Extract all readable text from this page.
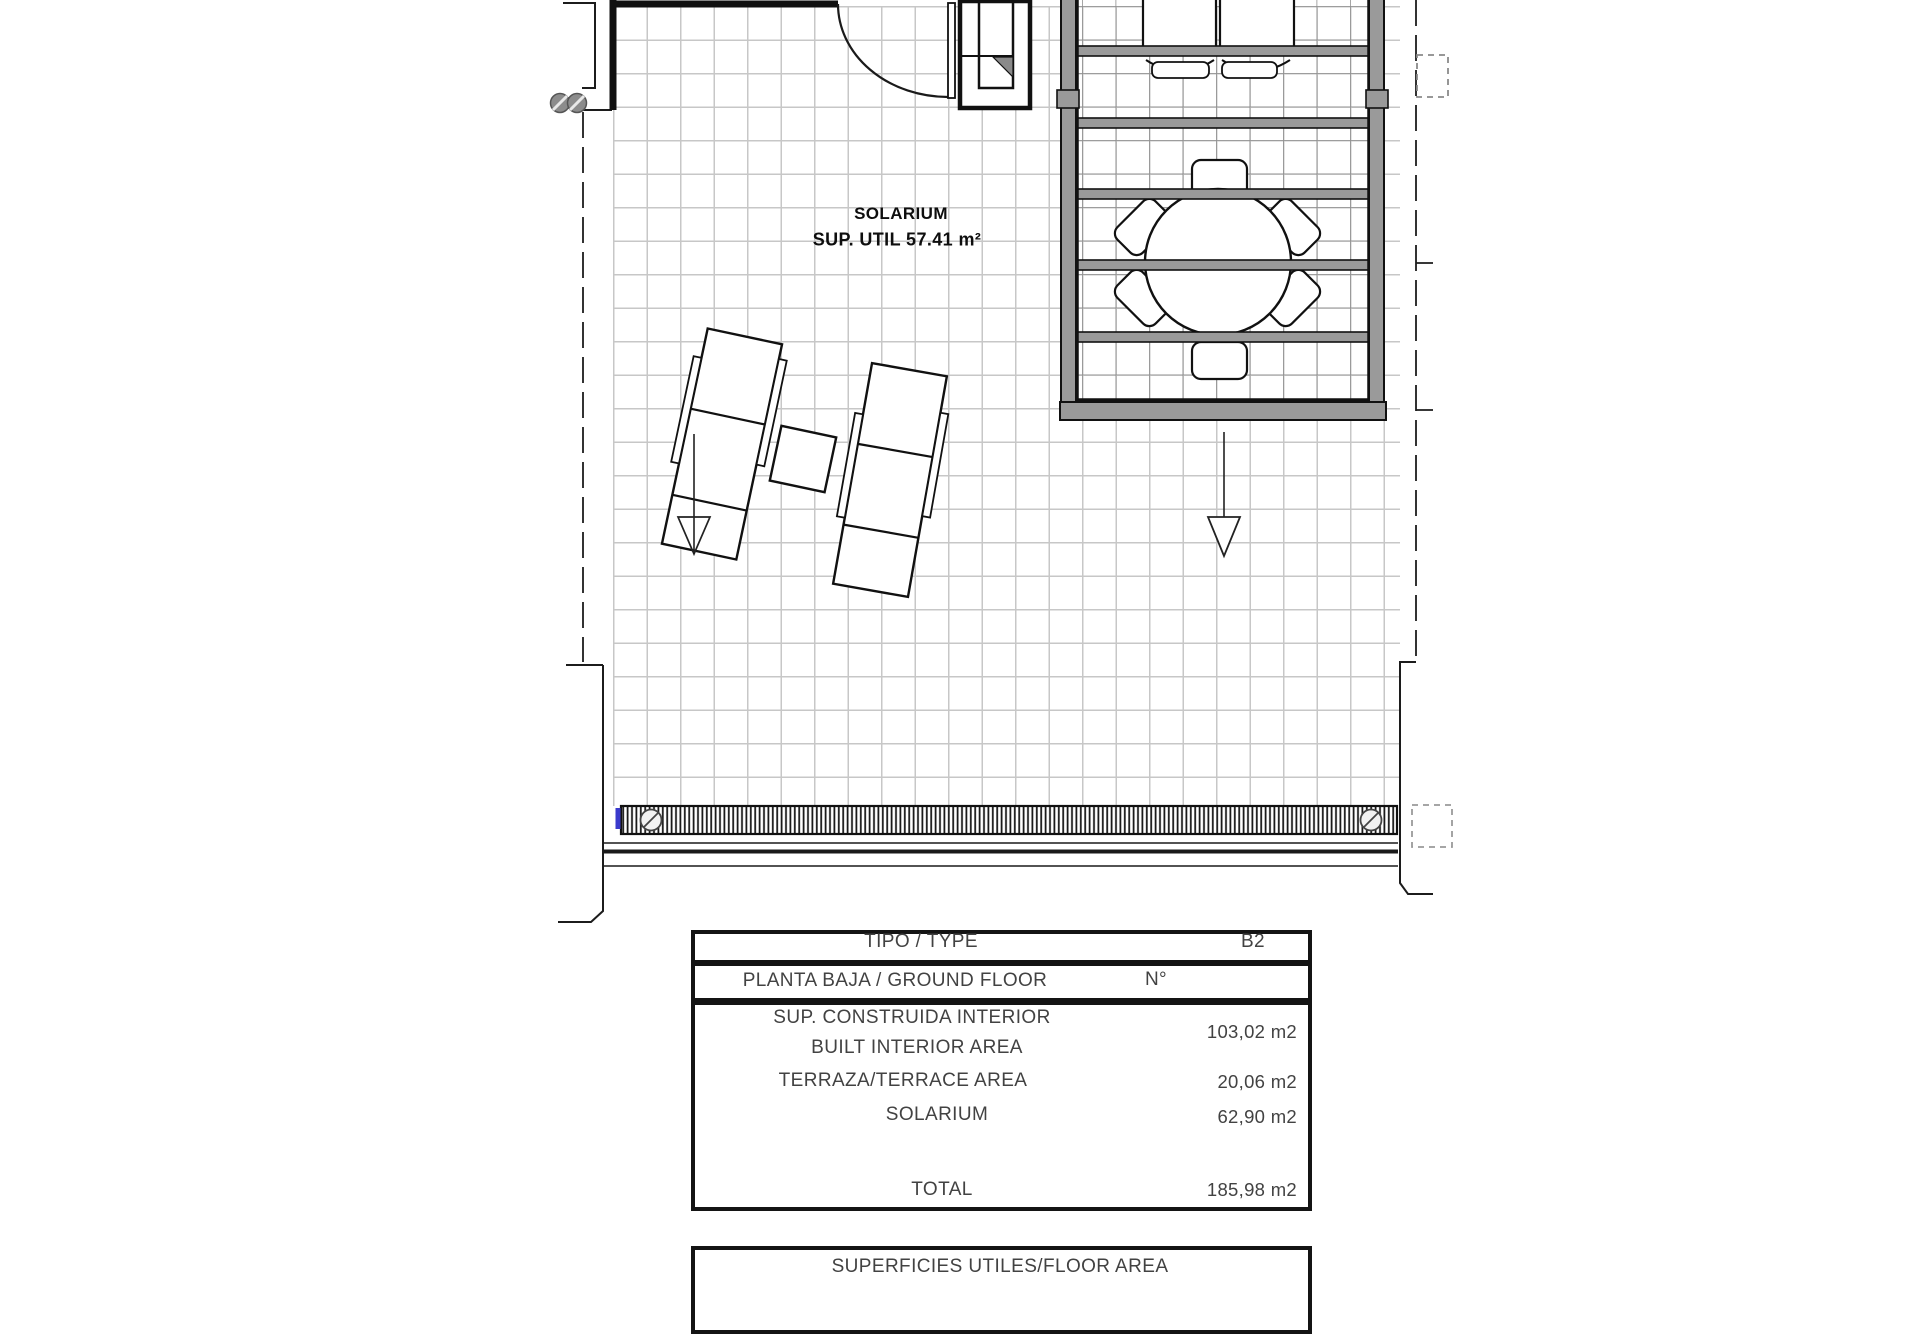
SOLARIUM
SUP. UTIL 57.41 m²
TIPO / TYPE	B2
PLANTA BAJA / GROUND FLOOR	N°
SUP. CONSTRUIDA INTERIOR
BUILT INTERIOR AREA
103,02 m2
TERRAZA/TERRACE AREA	20,06 m2
SOLARIUM	62,90 m2
TOTAL	185,98 m2
SUPERFICIES UTILES/FLOOR AREA
